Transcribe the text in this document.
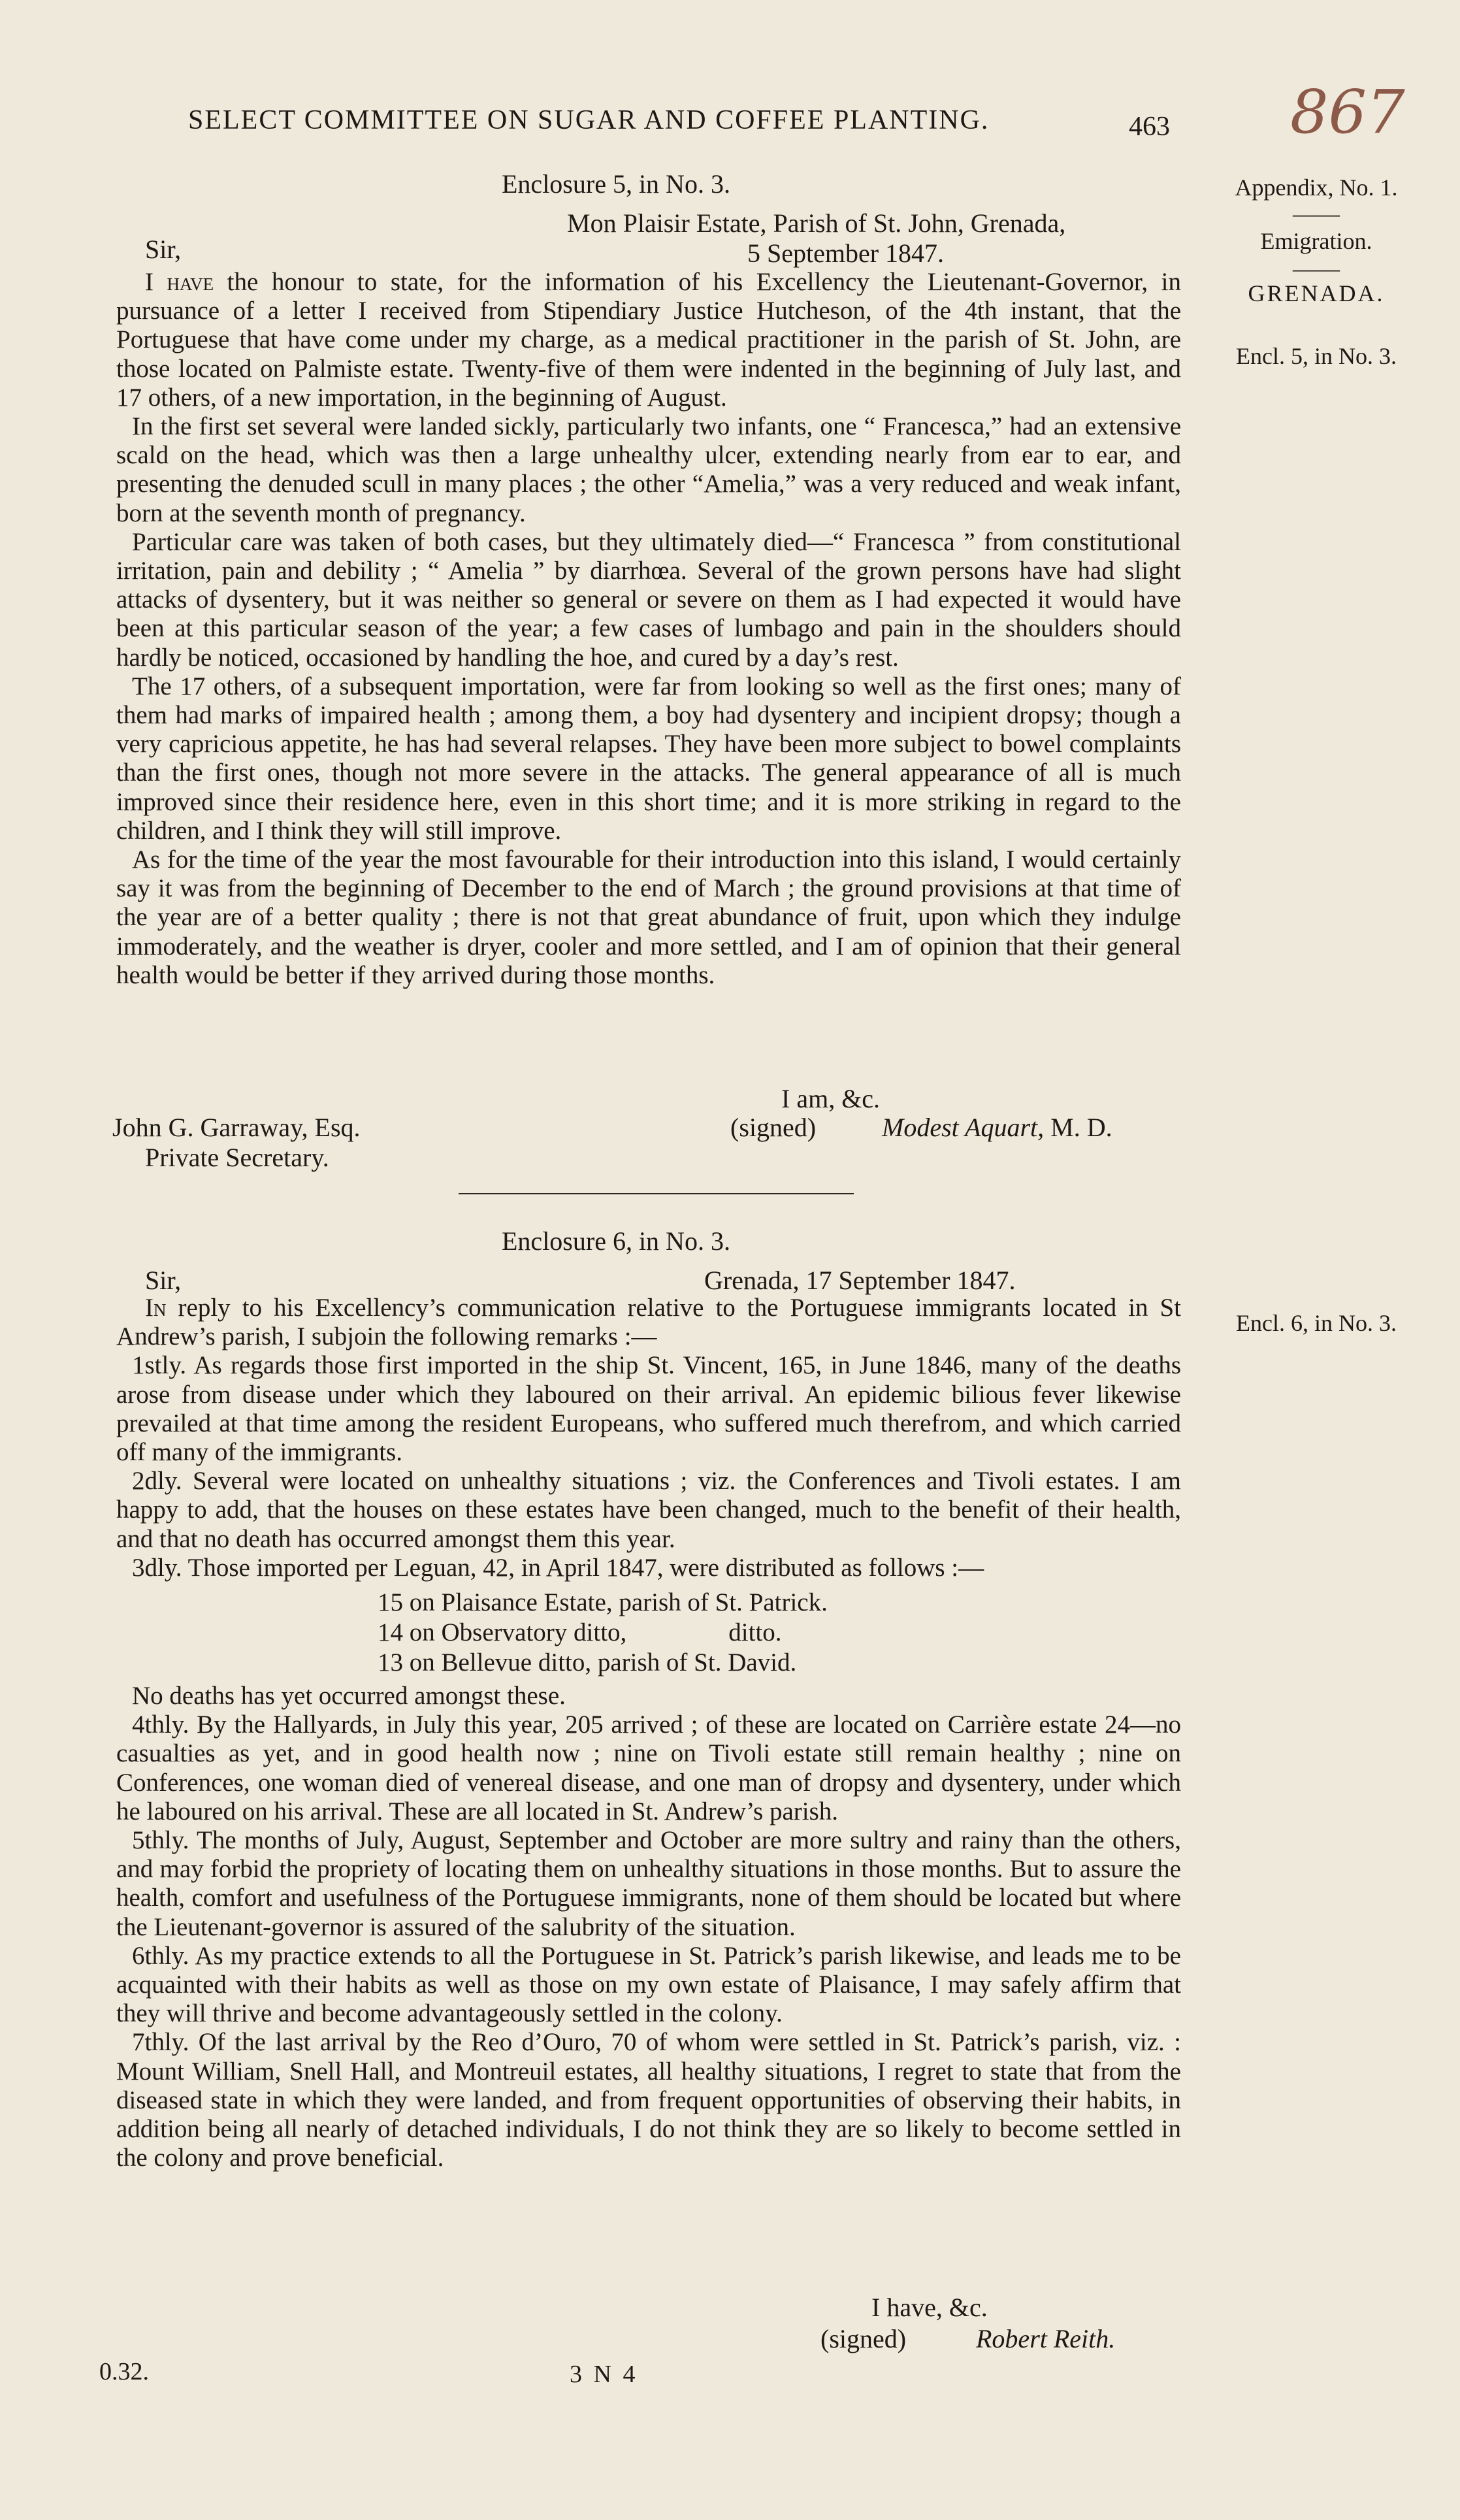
SELECT COMMITTEE ON SUGAR AND COFFEE PLANTING.	463 867
Appendix, No. 1.
——
Emigration.
——
GRENADA.
Encl. 5, in No. 3.
Encl. 6, in No. 3.
Enclosure 5, in No. 3.
Mon Plaisir Estate, Parish of St. John, Grenada,
Sir,	5 September 1847.

I have the honour to state, for the information of his Excellency the Lieutenant-Governor, in pursuance of a letter I received from Stipendiary Justice Hutcheson, of the 4th instant, that the Portuguese that have come under my charge, as a medical practitioner in the parish of St. John, are those located on Palmiste estate. Twenty-five of them were indented in the beginning of July last, and 17 others, of a new importation, in the beginning of August.

In the first set several were landed sickly, particularly two infants, one “ Francesca,” had an extensive scald on the head, which was then a large unhealthy ulcer, extending nearly from ear to ear, and presenting the denuded scull in many places ; the other “Amelia,” was a very reduced and weak infant, born at the seventh month of pregnancy.

Particular care was taken of both cases, but they ultimately died—“ Francesca ” from constitutional irritation, pain and debility ; “ Amelia ” by diarrhœa. Several of the grown persons have had slight attacks of dysentery, but it was neither so general or severe on them as I had expected it would have been at this particular season of the year; a few cases of lumbago and pain in the shoulders should hardly be noticed, occasioned by handling the hoe, and cured by a day’s rest.

The 17 others, of a subsequent importation, were far from looking so well as the first ones; many of them had marks of impaired health ; among them, a boy had dysentery and incipient dropsy; though a very capricious appetite, he has had several relapses. They have been more subject to bowel complaints than the first ones, though not more severe in the attacks. The general appearance of all is much improved since their residence here, even in this short time; and it is more striking in regard to the children, and I think they will still improve.

As for the time of the year the most favourable for their introduction into this island, I would certainly say it was from the beginning of December to the end of March ; the ground provisions at that time of the year are of a better quality ; there is not that great abundance of fruit, upon which they indulge immoderately, and the weather is dryer, cooler and more settled, and I am of opinion that their general health would be better if they arrived during those months.

I am, &c.
John G. Garraway, Esq.	(signed)	Modest Aquart, M. D.
Private Secretary.
Enclosure 6, in No. 3.
Sir,	Grenada, 17 September 1847.

In reply to his Excellency’s communication relative to the Portuguese immigrants located in St Andrew’s parish, I subjoin the following remarks :—

1stly. As regards those first imported in the ship St. Vincent, 165, in June 1846, many of the deaths arose from disease under which they laboured on their arrival. An epidemic bilious fever likewise prevailed at that time among the resident Europeans, who suffered much therefrom, and which carried off many of the immigrants.

2dly. Several were located on unhealthy situations ; viz. the Conferences and Tivoli estates. I am happy to add, that the houses on these estates have been changed, much to the benefit of their health, and that no death has occurred amongst them this year.

3dly. Those imported per Leguan, 42, in April 1847, were distributed as follows :—

15 on Plaisance Estate, parish of St. Patrick.
14 on Observatory ditto,                ditto.
13 on Bellevue ditto, parish of St. David.

No deaths has yet occurred amongst these.

4thly. By the Hallyards, in July this year, 205 arrived ; of these are located on Carrière estate 24—no casualties as yet, and in good health now ; nine on Tivoli estate still remain healthy ; nine on Conferences, one woman died of venereal disease, and one man of dropsy and dysentery, under which he laboured on his arrival. These are all located in St. Andrew’s parish.

5thly. The months of July, August, September and October are more sultry and rainy than the others, and may forbid the propriety of locating them on unhealthy situations in those months. But to assure the health, comfort and usefulness of the Portuguese immigrants, none of them should be located but where the Lieutenant-governor is assured of the salubrity of the situation.

6thly. As my practice extends to all the Portuguese in St. Patrick’s parish likewise, and leads me to be acquainted with their habits as well as those on my own estate of Plaisance, I may safely affirm that they will thrive and become advantageously settled in the colony.

7thly. Of the last arrival by the Reo d’Ouro, 70 of whom were settled in St. Patrick’s parish, viz. : Mount William, Snell Hall, and Montreuil estates, all healthy situations, I regret to state that from the diseased state in which they were landed, and from frequent opportunities of observing their habits, in addition being all nearly of detached individuals, I do not think they are so likely to become settled in the colony and prove beneficial.

I have, &c.
(signed)	Robert Reith.
0.32.	3 N 4
